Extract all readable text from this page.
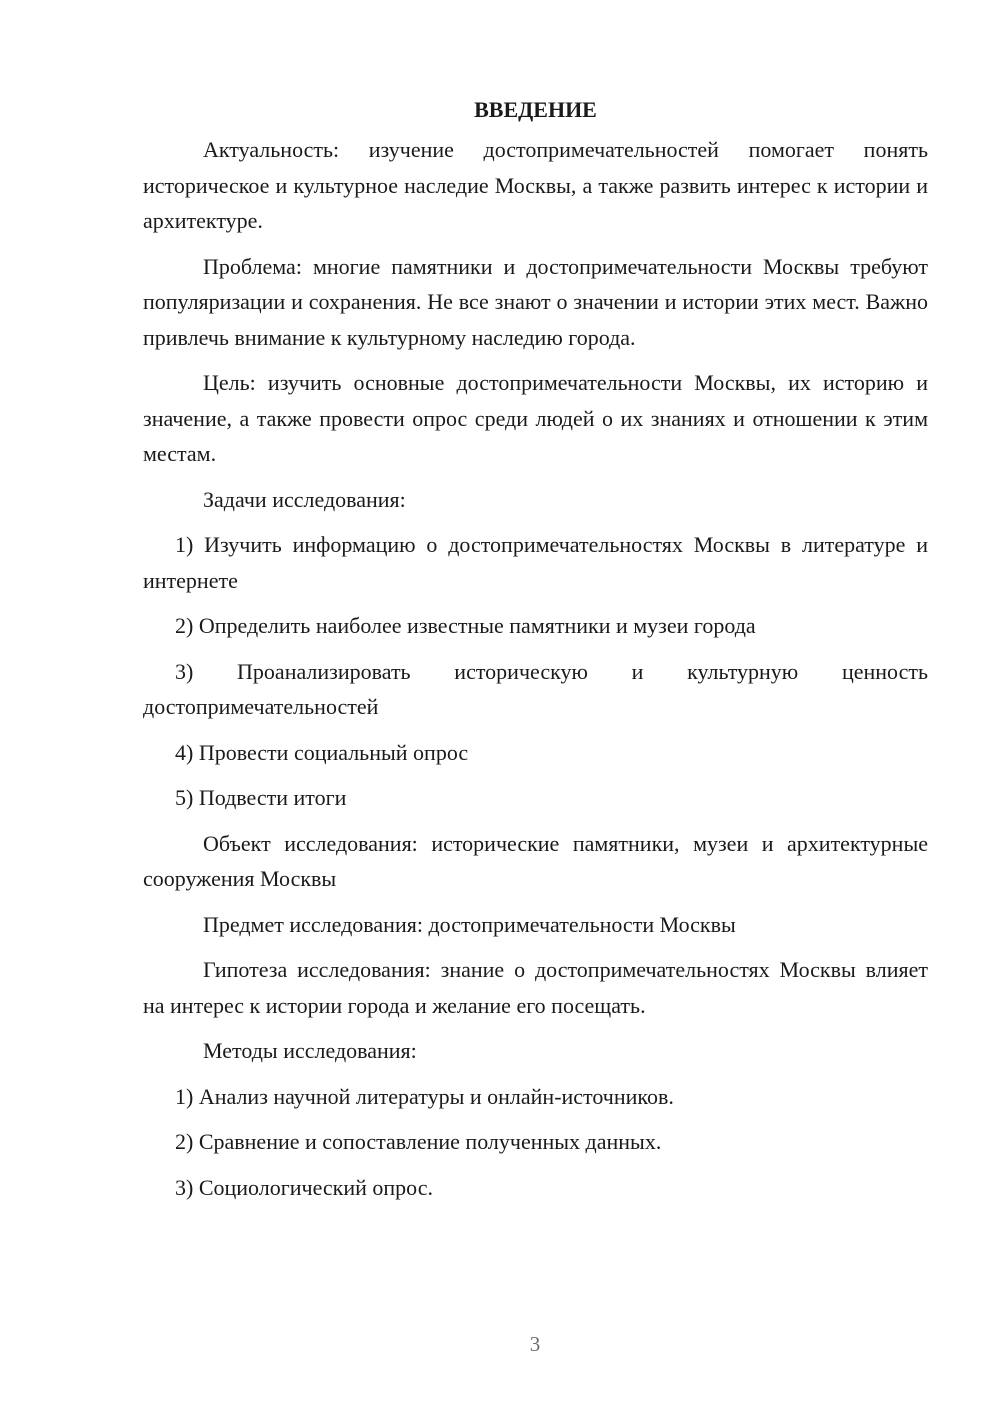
ВВЕДЕНИЕ

Актуальность: изучение достопримечательностей помогает понять историческое и культурное наследие Москвы, а также развить интерес к истории и архитектуре.

Проблема: многие памятники и достопримечательности Москвы требуют популяризации и сохранения. Не все знают о значении и истории этих мест. Важно привлечь внимание к культурному наследию города.

Цель: изучить основные достопримечательности Москвы, их историю и значение, а также провести опрос среди людей о их знаниях и отношении к этим местам.

Задачи исследования:

1) Изучить информацию о достопримечательностях Москвы в литературе и интернете

2) Определить наиболее известные памятники и музеи города

3) Проанализировать историческую и культурную ценность достопримечательностей

4) Провести социальный опрос

5) Подвести итоги

Объект исследования: исторические памятники, музеи и архитектурные сооружения Москвы

Предмет исследования: достопримечательности Москвы

Гипотеза исследования: знание о достопримечательностях Москвы влияет на интерес к истории города и желание его посещать.

Методы исследования:

1) Анализ научной литературы и онлайн-источников.

2) Сравнение и сопоставление полученных данных.

3) Социологический опрос.

3
